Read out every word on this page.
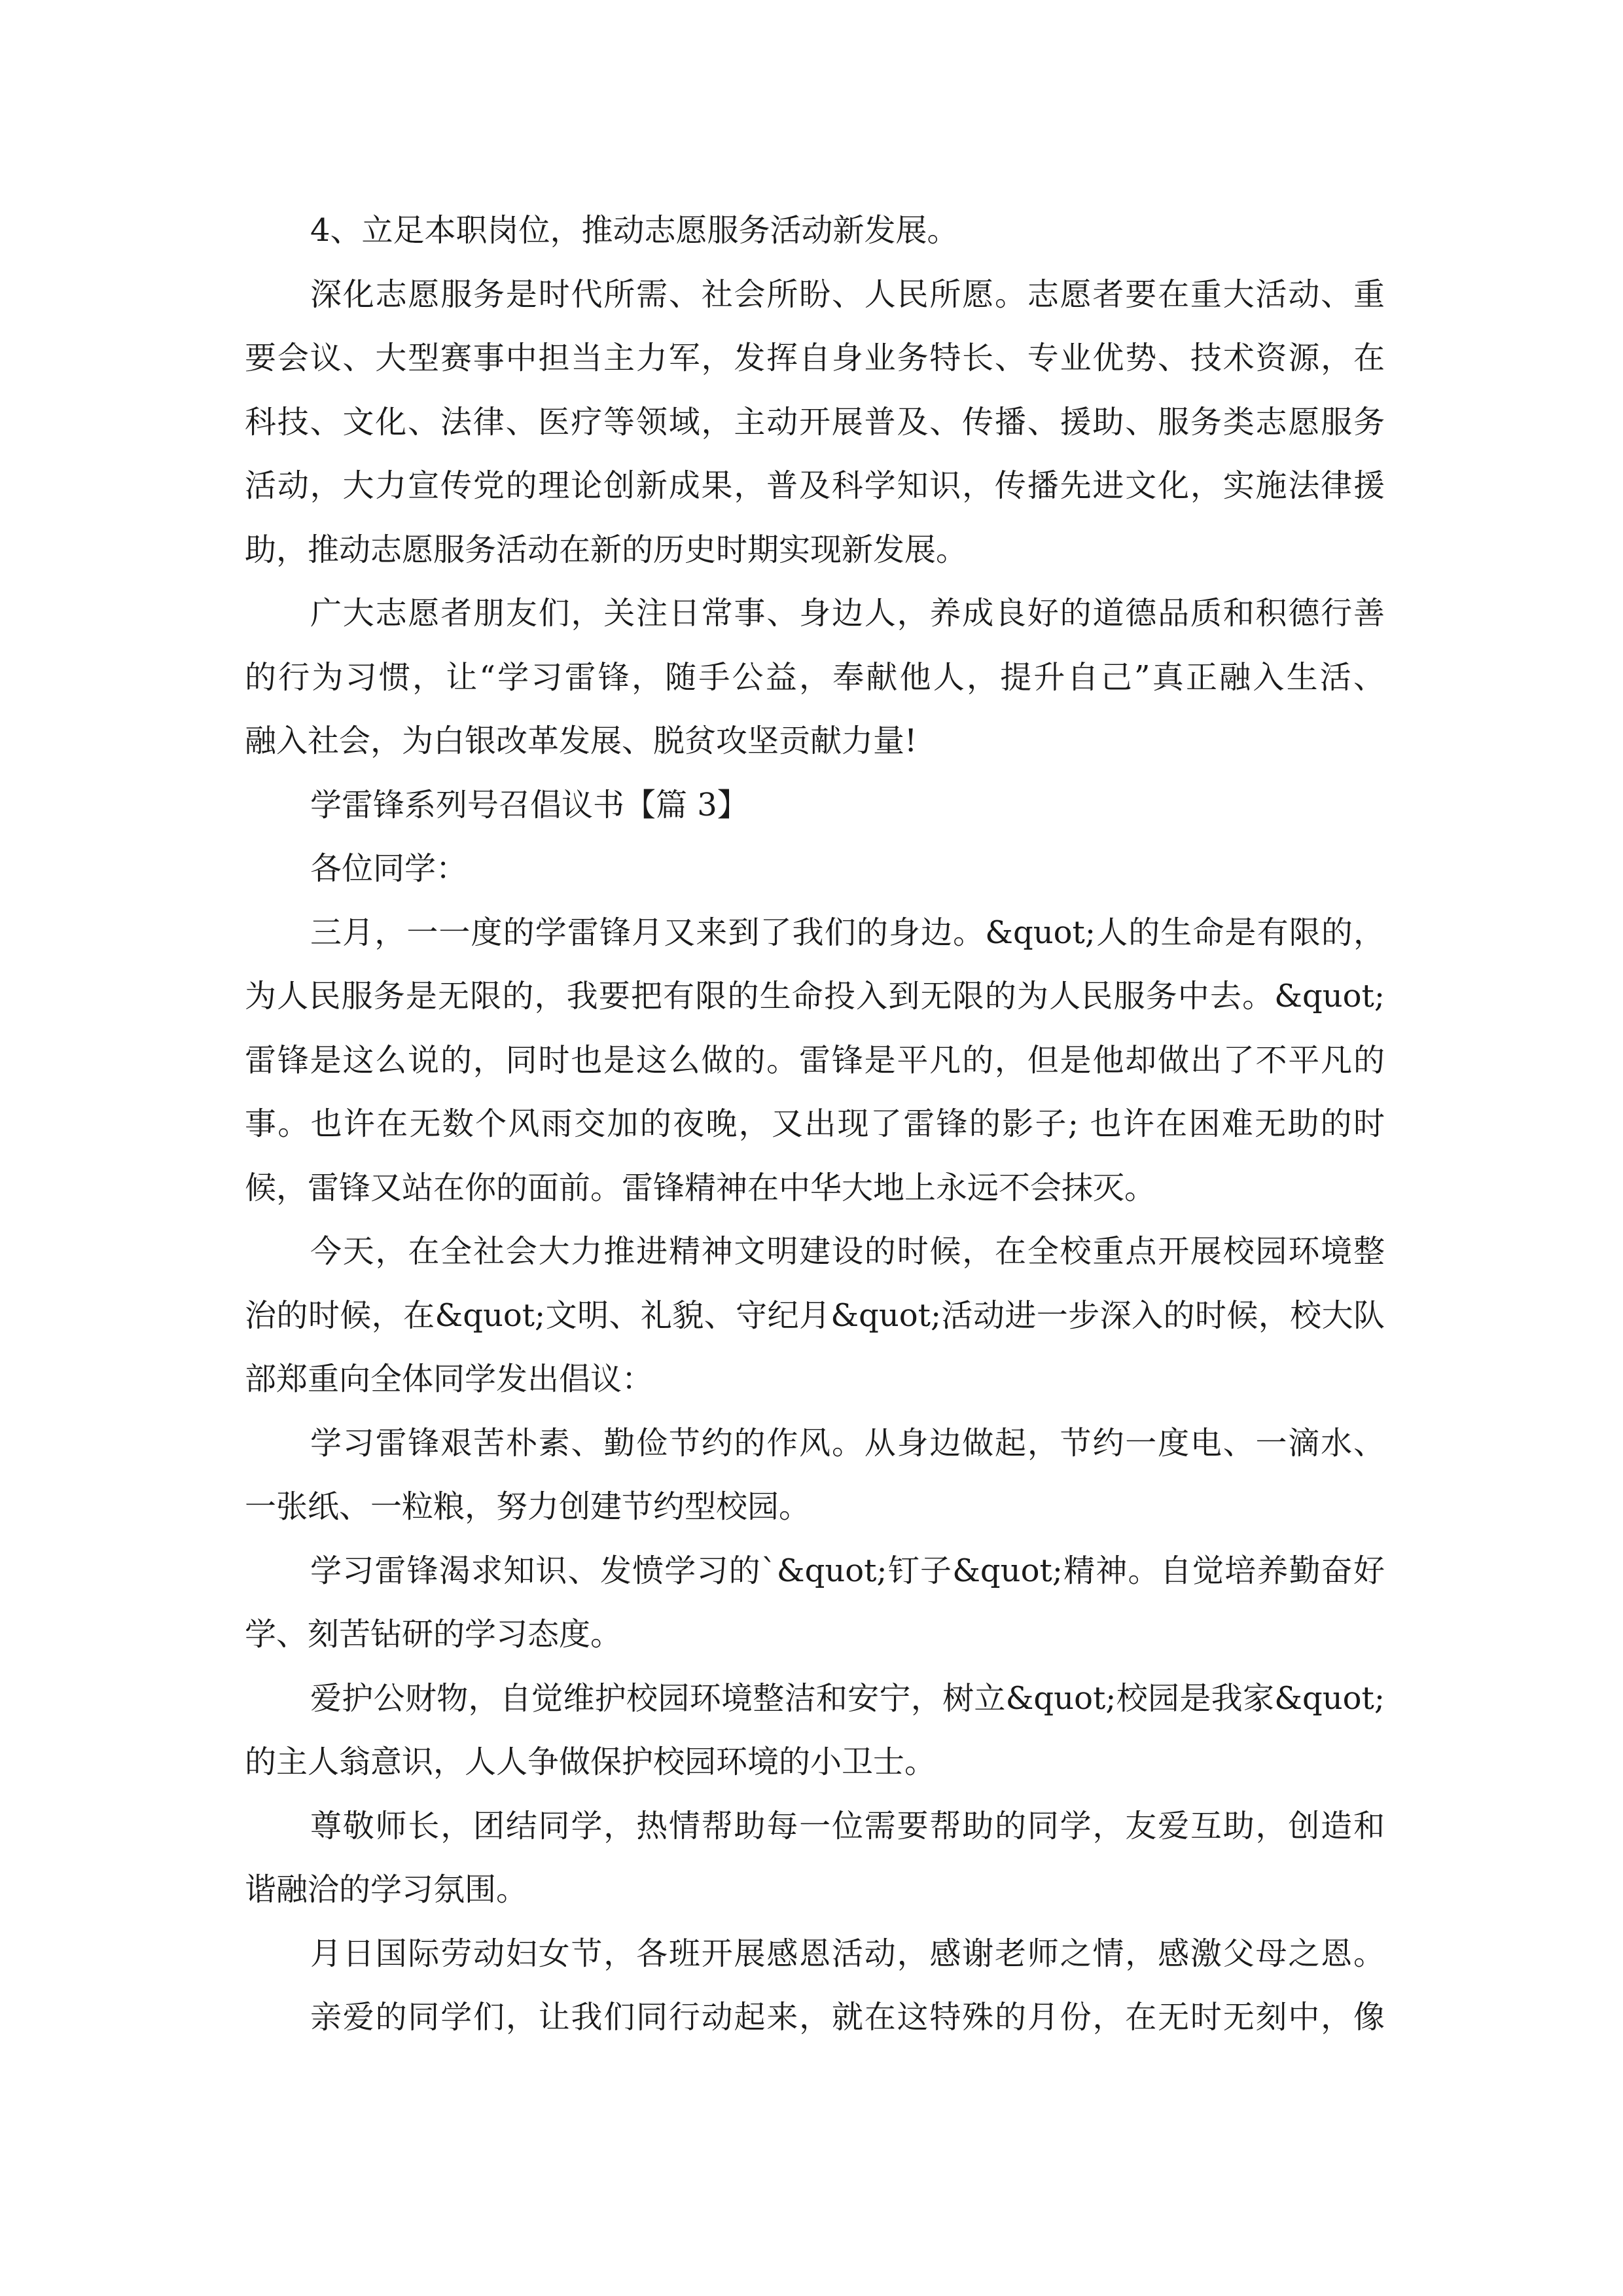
4、立足本职岗位，推动志愿服务活动新发展。
深化志愿服务是时代所需、社会所盼、人民所愿。志愿者要在重大活动、重
要会议、大型赛事中担当主力军，发挥自身业务特长、专业优势、技术资源，在
科技、文化、法律、医疗等领域，主动开展普及、传播、援助、服务类志愿服务
活动，大力宣传党的理论创新成果，普及科学知识，传播先进文化，实施法律援
助，推动志愿服务活动在新的历史时期实现新发展。
广大志愿者朋友们，关注日常事、身边人，养成良好的道德品质和积德行善
的行为习惯，让“学习雷锋，随手公益，奉献他人，提升自己”真正融入生活、
融入社会，为白银改革发展、脱贫攻坚贡献力量!
学雷锋系列号召倡议书【篇 3】
各位同学：
三月，一一度的学雷锋月又来到了我们的身边。&quot;人的生命是有限的，
为人民服务是无限的，我要把有限的生命投入到无限的为人民服务中去。&quot;
雷锋是这么说的，同时也是这么做的。雷锋是平凡的，但是他却做出了不平凡的
事。也许在无数个风雨交加的夜晚，又出现了雷锋的影子; 也许在困难无助的时
候，雷锋又站在你的面前。雷锋精神在中华大地上永远不会抹灭。
今天，在全社会大力推进精神文明建设的时候，在全校重点开展校园环境整
治的时候，在&quot;文明、礼貌、守纪月&quot;活动进一步深入的时候，校大队
部郑重向全体同学发出倡议：
学习雷锋艰苦朴素、勤俭节约的作风。从身边做起，节约一度电、一滴水、
一张纸、一粒粮，努力创建节约型校园。
学习雷锋渴求知识、发愤学习的`&quot;钉子&quot;精神。自觉培养勤奋好
学、刻苦钻研的学习态度。
爱护公财物，自觉维护校园环境整洁和安宁，树立&quot;校园是我家&quot;
的主人翁意识，人人争做保护校园环境的小卫士。
尊敬师长，团结同学，热情帮助每一位需要帮助的同学，友爱互助，创造和
谐融洽的学习氛围。
月日国际劳动妇女节，各班开展感恩活动，感谢老师之情，感激父母之恩。
亲爱的同学们，让我们同行动起来，就在这特殊的月份，在无时无刻中，像
